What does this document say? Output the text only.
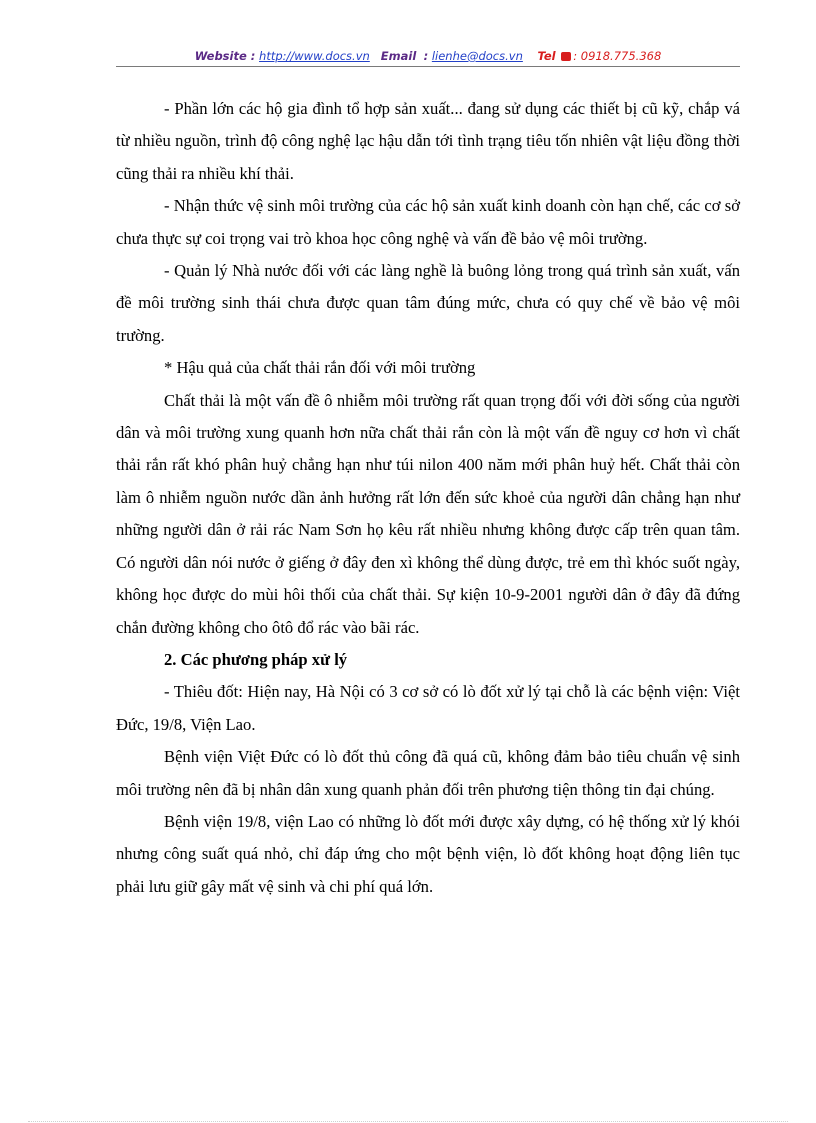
Website : http://www.docs.vn Email : lienhe@docs.vn Tel : 0918.775.368

- Phần lớn các hộ gia đình tổ hợp sản xuất... đang sử dụng các thiết bị cũ kỹ, chắp vá từ nhiều nguồn, trình độ công nghệ lạc hậu dẫn tới tình trạng tiêu tốn nhiên vật liệu đồng thời cũng thải ra nhiều khí thải.

- Nhận thức vệ sinh môi trường của các hộ sản xuất kinh doanh còn hạn chế, các cơ sở chưa thực sự coi trọng vai trò khoa học công nghệ và vấn đề bảo vệ môi trường.

- Quản lý Nhà nước đối với các làng nghề là buông lỏng trong quá trình sản xuất, vấn đề môi trường sinh thái chưa được quan tâm đúng mức, chưa có quy chế về bảo vệ môi trường.

* Hậu quả của chất thải rắn đối với môi trường

Chất thải là một vấn đề ô nhiễm môi trường rất quan trọng đối với đời sống của người dân và môi trường xung quanh hơn nữa chất thải rắn còn là một vấn đề nguy cơ hơn vì chất thải rắn rất khó phân huỷ chẳng hạn như túi nilon 400 năm mới phân huỷ hết. Chất thải còn làm ô nhiễm nguồn nước dần ảnh hưởng rất lớn đến sức khoẻ của người dân chẳng hạn như những người dân ở rải rác Nam Sơn họ kêu rất nhiều nhưng không được cấp trên quan tâm. Có người dân nói nước ở giếng ở đây đen xì không thể dùng được, trẻ em thì khóc suốt ngày, không học được do mùi hôi thối của chất thải. Sự kiện 10-9-2001 người dân ở đây đã đứng chắn đường không cho ôtô đổ rác vào bãi rác.

2. Các phương pháp xử lý

- Thiêu đốt: Hiện nay, Hà Nội có 3 cơ sở có lò đốt xử lý tại chỗ là các bệnh viện: Việt Đức, 19/8, Viện Lao.

Bệnh viện Việt Đức có lò đốt thủ công đã quá cũ, không đảm bảo tiêu chuẩn vệ sinh môi trường nên đã bị nhân dân xung quanh phản đối trên phương tiện thông tin đại chúng.

Bệnh viện 19/8, viện Lao có những lò đốt mới được xây dựng, có hệ thống xử lý khói nhưng công suất quá nhỏ, chỉ đáp ứng cho một bệnh viện, lò đốt không hoạt động liên tục phải lưu giữ gây mất vệ sinh và chi phí quá lớn.
